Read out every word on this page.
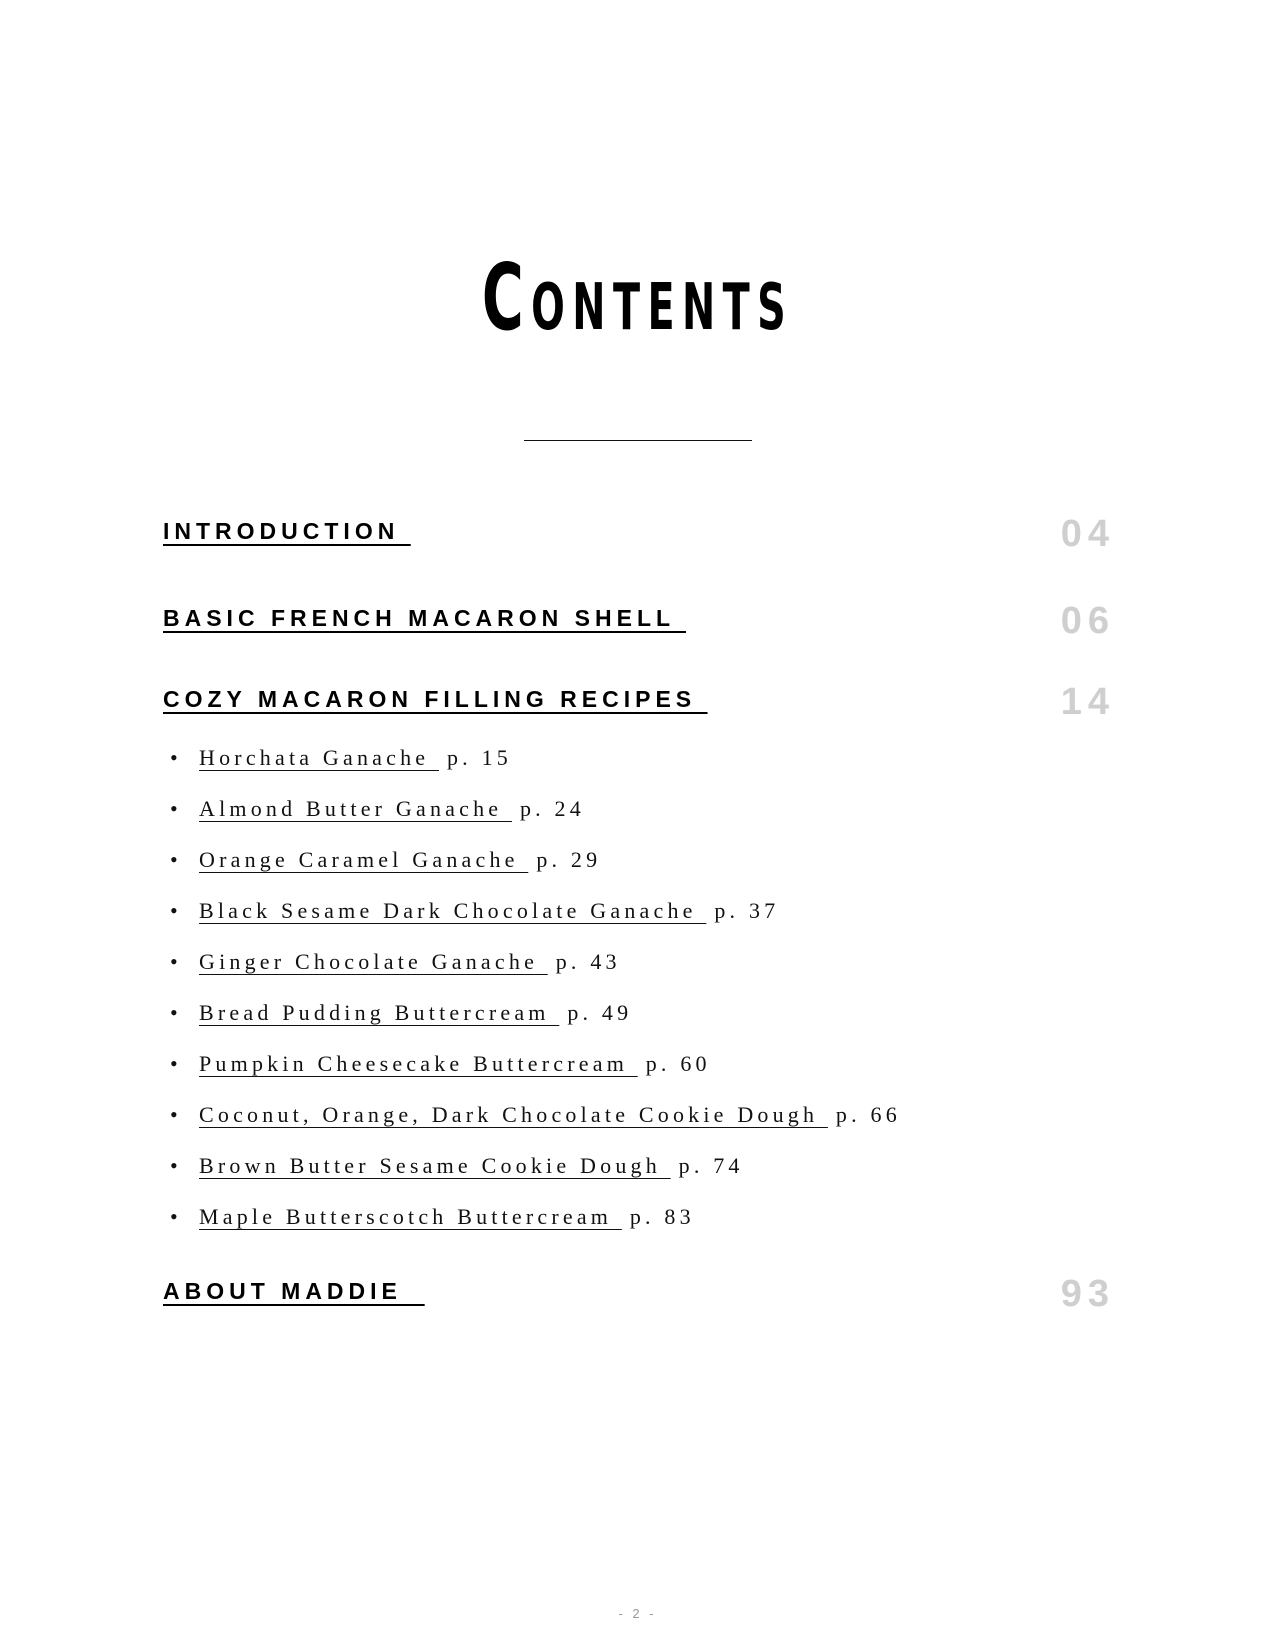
Contents
INTRODUCTION	04
BASIC FRENCH MACARON SHELL	06
COZY MACARON FILLING RECIPES	14
• Horchata Ganache p. 15
• Almond Butter Ganache p. 24
• Orange Caramel Ganache p. 29
• Black Sesame Dark Chocolate Ganache p. 37
• Ginger Chocolate Ganache p. 43
• Bread Pudding Buttercream p. 49
• Pumpkin Cheesecake Buttercream p. 60
• Coconut, Orange, Dark Chocolate Cookie Dough p. 66
• Brown Butter Sesame Cookie Dough p. 74
• Maple Butterscotch Buttercream p. 83
ABOUT MADDIE	93
- 2 -
